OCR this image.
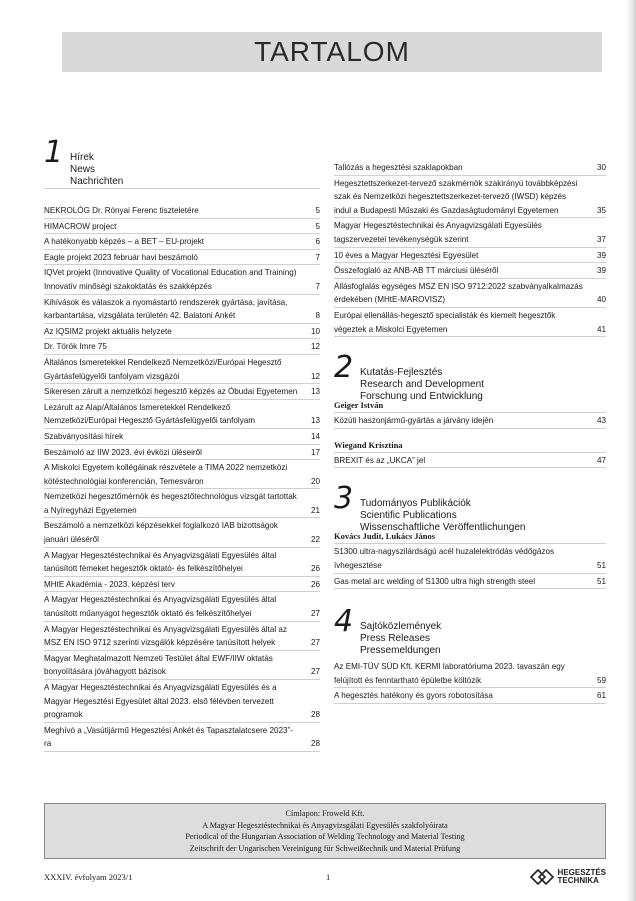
TARTALOM
1 Hírek
News
Nachrichten
NEKROLÓG Dr. Rónyai Ferenc tiszteletére	5
HIMACROW project	5
A hatékonyabb képzés – a BET – EU-projekt	6
Eagle projekt 2023 február havi beszámoló	7
IQVet projekt (Innovative Quality of Vocational Education and Training) Innovatív minőségi szakoktatás és szakképzés	7
Kihívások és válaszok a nyomástartó rendszerek gyártása, javítása, karbantartása, vizsgálata területén 42. Balatoni Ankét	8
Az IQSIM2 projekt aktuális helyzete	10
Dr. Török Imre 75	12
Általános Ismeretekkel Rendelkező Nemzetközi/Európai Hegesztő Gyártásfelügyelői tanfolyam vizsgázói	12
Sikeresen zárult a nemzetközi hegesztő képzés az Óbudai Egyetemen	13
Lezárult az Alap/Általános Ismeretekkel Rendelkező Nemzetközi/Európai Hegesztő Gyártásfelügyelői tanfolyam	13
Szabványosítási hírek	14
Beszámoló az IIW 2023. évi évközi üléseiről	17
A Miskolci Egyetem kollégáinak részvétele a TIMA 2022 nemzetközi kötéstechnológiai konferencián, Temesváron	20
Nemzetközi hegesztőmérnök és hegesztőtechnológus vizsgát tartottak a Nyíregyházi Egyetemen	21
Beszámoló a nemzetközi képzésekkel foglalkozó IAB bizottságok januári üléséről	22
A Magyar Hegesztéstechnikai és Anyagvizsgálati Egyesülés által tanúsított fémeket hegesztők oktató- és felkészítőhelyei	26
MHtE Akadémia - 2023. képzési terv	26
A Magyar Hegesztéstechnikai és Anyagvizsgálati Egyesülés által tanúsított műanyagot hegesztők oktató és felkészítőhelyei	27
A Magyar Hegesztéstechnikai és Anyagvizsgálati Egyesülés által az MSZ EN ISO 9712 szerinti vizsgálók képzésére tanúsított helyek	27
Magyar Meghatalmazott Nemzeti Testület által EWF/IIW oktatás bonyolítására jóváhagyott bázisok	27
A Magyar Hegesztéstechnikai és Anyagvizsgálati Egyesülés és a Magyar Hegesztési Egyesület által 2023. első félévben tervezett programok	28
Meghívó a „Vasútijármű Hegesztési Ankét és Tapasztalatcsere 2023”-ra	28
Tallózás a hegesztési szaklapokban	30
Hegesztettszerkezet-tervező szakmérnök szakirányú továbbképzési szak és Nemzetközi hegesztettszerkezet-tervező (IWSD) képzés indul a Budapesti Műszaki és Gazdaságtudományi Egyetemen	35
Magyar Hegesztéstechnikai és Anyagvizsgálati Egyesülés tagszervezetei tevékenységük szerint	37
10 éves a Magyar Hegesztési Egyesület	39
Összefoglaló az ANB-AB TT márciusi üléséről	39
Állásfoglalás egységes MSZ EN ISO 9712:2022 szabványalkalmazás érdekében (MHtE-MAROVISZ)	40
Európai ellenállás-hegesztő specialisták és kiemelt hegesztők végeztek a Miskolci Egyetemen	41
2 Kutatás-Fejlesztés
Research and Development
Forschung und Entwicklung
Geiger István
Közúti haszonjármű-gyártás a járvány idején	43
Wiegand Krisztina
BREXIT és az „UKCA” jel	47
3 Tudományos Publikációk
Scientific Publications
Wissenschaftliche Veröffentlichungen
Kovács Judit, Lukács János
S1300 ultra-nagyszilárdságú acél huzalelektródás védőgázos ívhegesztése	51
Gas metal arc welding of S1300 ultra high strength steel	51
4 Sajtóközlemények
Press Releases
Pressemeldungen
Az EMI-TÜV SÜD Kft. KERMI laboratóriuma 2023. tavaszán egy felújított és fenntartható épületbe költözik	59
A hegesztés hatékony és gyors robotosítása	61
Címlapon: Froweld Kft.
A Magyar Hegesztéstechnikai és Anyagvizsgálati Egyesülés szakfolyóirata
Periodical of the Hungarian Association of Welding Technology and Material Testing
Zeitschrift der Ungarischen Vereinigung für Schweißtechnik und Material Prüfung
XXXIV. évfolyam 2023/1	1	HEGESZTÉS
TECHNIKA
